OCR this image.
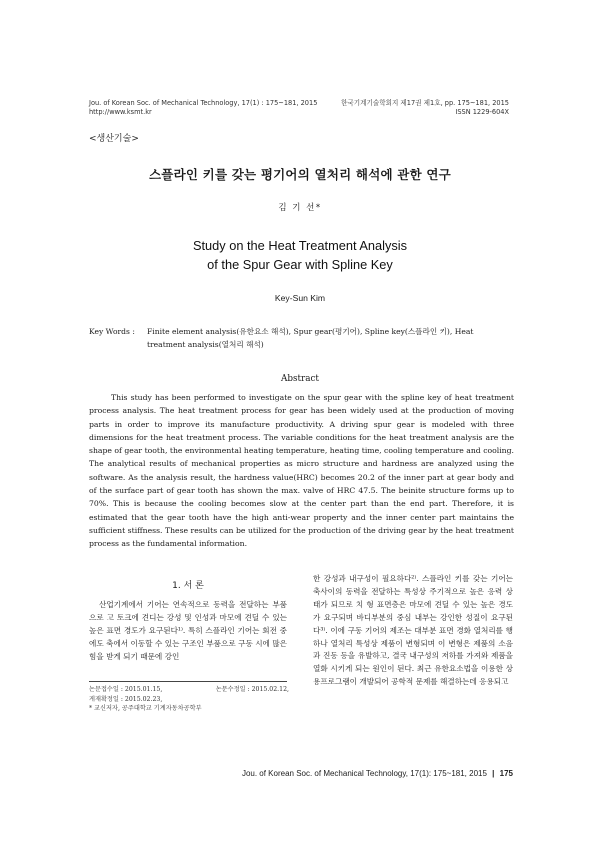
Jou. of Korean Soc. of Mechanical Technology, 17(1) : 175~181, 2015
http://www.ksmt.kr
한국기계기술학회지 제17권 제1호, pp. 175~181, 2015
ISSN 1229-604X
<생산기술>
스플라인 키를 갖는 평기어의 열처리 해석에 관한 연구
김 기 선*
Study on the Heat Treatment Analysis
of the Spur Gear with Spline Key
Key-Sun Kim
Key Words : Finite element analysis(유한요소 해석), Spur gear(평기어), Spline key(스플라인 키), Heat treatment analysis(열처리 해석)
Abstract
This study has been performed to investigate on the spur gear with the spline key of heat treatment process analysis. The heat treatment process for gear has been widely used at the production of moving parts in order to improve its manufacture productivity. A driving spur gear is modeled with three dimensions for the heat treatment process. The variable conditions for the heat treatment analysis are the shape of gear tooth, the environmental heating temperature, heating time, cooling temperature and cooling. The analytical results of mechanical properties as micro structure and hardness are analyzed using the software. As the analysis result, the hardness value(HRC) becomes 20.2 of the inner part at gear body and of the surface part of gear tooth has shown the max. valve of HRC 47.5. The beinite structure forms up to 70%. This is because the cooling becomes slow at the center part than the end part. Therefore, it is estimated that the gear tooth have the high anti-wear property and the inner center part maintains the sufficient stiffness. These results can be utilized for the production of the driving gear by the heat treatment process as the fundamental information.
1. 서 론
산업기계에서 기어는 연속적으로 동력을 전달하는 부품으로 고 토크에 견디는 강성 및 인성과 마모에 견딜 수 있는 높은 표면 경도가 요구된다¹⁾. 특히 스플라인 기어는 회전 중에도 축에서 이동할 수 있는 구조인 부품으로 구동 시에 많은 힘을 받게 되기 때문에 강인
한 강성과 내구성이 필요하다²⁾. 스플라인 키를 갖는 기어는 축사이의 동력을 전달하는 특성상 주기적으로 높은 응력 상태가 되므로 치 형 표면층은 마모에 견딜 수 있는 높은 경도가 요구되며 바디부분의 중심 내부는 강인한 성질이 요구된다³⁾. 이에 구동 기어의 제조는 대부분 표면 경화 열처리를 행하나 열처리 특성상 제품이 변형되며 이 변형은 제품의 소음과 진동 등을 유발하고, 결국 내구성의 저하를 가져와 제품을 열화 시키게 되는 원인이 된다. 최근 유한요소법을 이용한 상용프로그램이 개발되어 공학적 문제를 해결하는데 응용되고
논문접수일 : 2015.01.15,	논문수정일 : 2015.02.12,
게재확정일 : 2015.02.23,
* 교신저자, 공주대학교 기계자동차공학부
Jou. of Korean Soc. of Mechanical Technology, 17(1): 175~181, 2015 | 175
